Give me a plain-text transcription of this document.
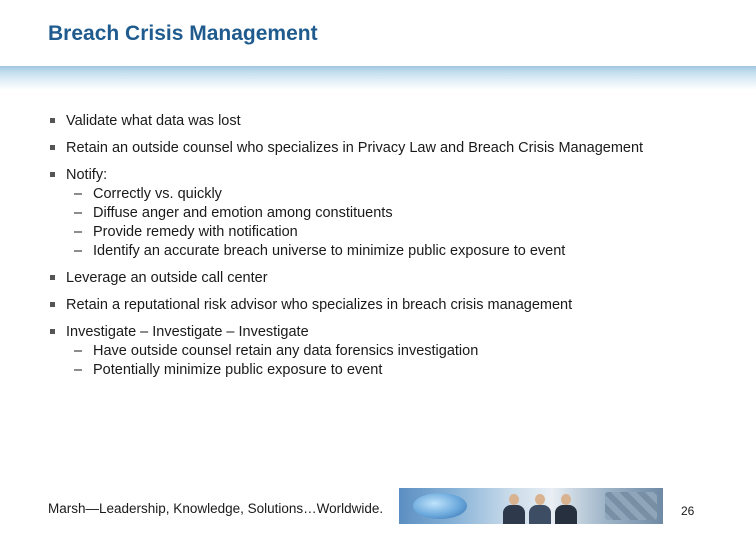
Breach Crisis Management
Validate what data was lost
Retain an outside counsel who specializes in Privacy Law and Breach Crisis Management
Notify:
– Correctly vs. quickly
– Diffuse anger and emotion among constituents
– Provide remedy with notification
– Identify an accurate breach universe to minimize public exposure to event
Leverage an outside call center
Retain a reputational risk advisor who specializes in breach crisis management
Investigate – Investigate – Investigate
– Have outside counsel retain any data forensics investigation
– Potentially minimize public exposure to event
Marsh—Leadership, Knowledge, Solutions…Worldwide.	26
